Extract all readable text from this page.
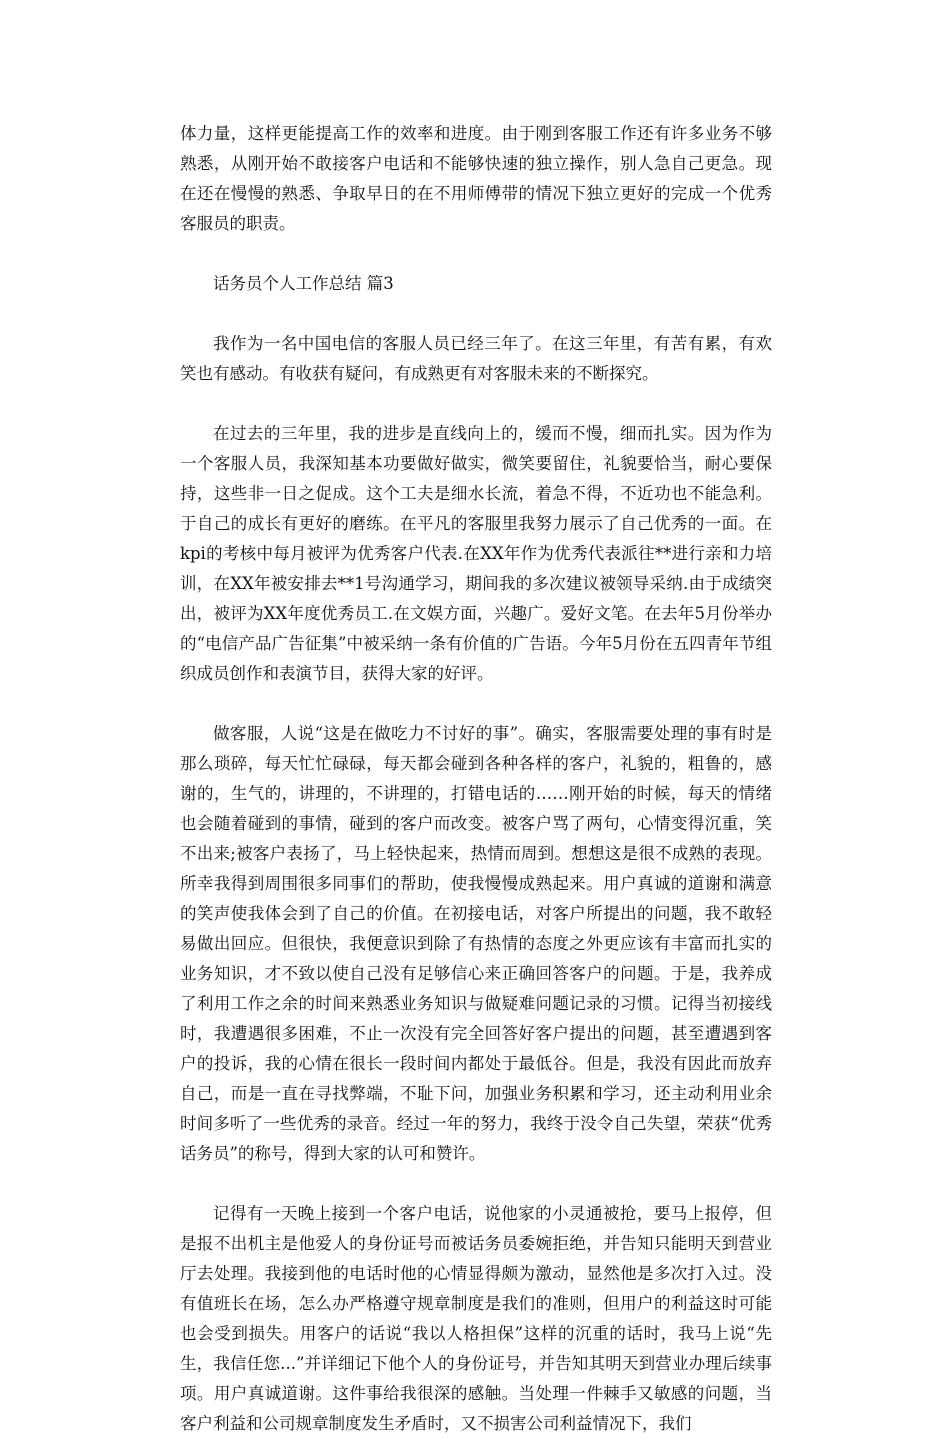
体力量，这样更能提高工作的效率和进度。由于刚到客服工作还有许多业务不够熟悉，从刚开始不敢接客户电话和不能够快速的独立操作，别人急自己更急。现在还在慢慢的熟悉、争取早日的在不用师傅带的情况下独立更好的完成一个优秀客服员的职责。

话务员个人工作总结 篇3

我作为一名中国电信的客服人员已经三年了。在这三年里，有苦有累，有欢笑也有感动。有收获有疑问，有成熟更有对客服未来的不断探究。

在过去的三年里，我的进步是直线向上的，缓而不慢，细而扎实。因为作为一个客服人员，我深知基本功要做好做实，微笑要留住，礼貌要恰当，耐心要保持，这些非一日之促成。这个工夫是细水长流，着急不得，不近功也不能急利。于自己的成长有更好的磨练。在平凡的客服里我努力展示了自己优秀的一面。在kpi的考核中每月被评为优秀客户代表.在XX年作为优秀代表派往**进行亲和力培训，在XX年被安排去**1号沟通学习，期间我的多次建议被领导采纳.由于成绩突出，被评为XX年度优秀员工.在文娱方面，兴趣广。爱好文笔。在去年5月份举办的“电信产品广告征集”中被采纳一条有价值的广告语。今年5月份在五四青年节组织成员创作和表演节目，获得大家的好评。

做客服，人说“这是在做吃力不讨好的事”。确实，客服需要处理的事有时是那么琐碎，每天忙忙碌碌，每天都会碰到各种各样的客户，礼貌的，粗鲁的，感谢的，生气的，讲理的，不讲理的，打错电话的……刚开始的时候，每天的情绪也会随着碰到的事情，碰到的客户而改变。被客户骂了两句，心情变得沉重，笑不出来;被客户表扬了，马上轻快起来，热情而周到。想想这是很不成熟的表现。所幸我得到周围很多同事们的帮助，使我慢慢成熟起来。用户真诚的道谢和满意的笑声使我体会到了自己的价值。在初接电话，对客户所提出的问题，我不敢轻易做出回应。但很快，我便意识到除了有热情的态度之外更应该有丰富而扎实的业务知识，才不致以使自己没有足够信心来正确回答客户的问题。于是，我养成了利用工作之余的时间来熟悉业务知识与做疑难问题记录的习惯。记得当初接线时，我遭遇很多困难，不止一次没有完全回答好客户提出的问题，甚至遭遇到客户的投诉，我的心情在很长一段时间内都处于最低谷。但是，我没有因此而放弃自己，而是一直在寻找弊端，不耻下问，加强业务积累和学习，还主动利用业余时间多听了一些优秀的录音。经过一年的努力，我终于没令自己失望，荣获“优秀话务员”的称号，得到大家的认可和赞许。

记得有一天晚上接到一个客户电话，说他家的小灵通被抢，要马上报停，但是报不出机主是他爱人的身份证号而被话务员委婉拒绝，并告知只能明天到营业厅去处理。我接到他的电话时他的心情显得颇为激动，显然他是多次打入过。没有值班长在场，怎么办严格遵守规章制度是我们的准则，但用户的利益这时可能也会受到损失。用客户的话说“我以人格担保”这样的沉重的话时，我马上说“先生，我信任您...”并详细记下他个人的身份证号，并告知其明天到营业办理后续事项。用户真诚道谢。这件事给我很深的感触。当处理一件棘手又敏感的问题，当客户利益和公司规章制度发生矛盾时，又不损害公司利益情况下，我们
